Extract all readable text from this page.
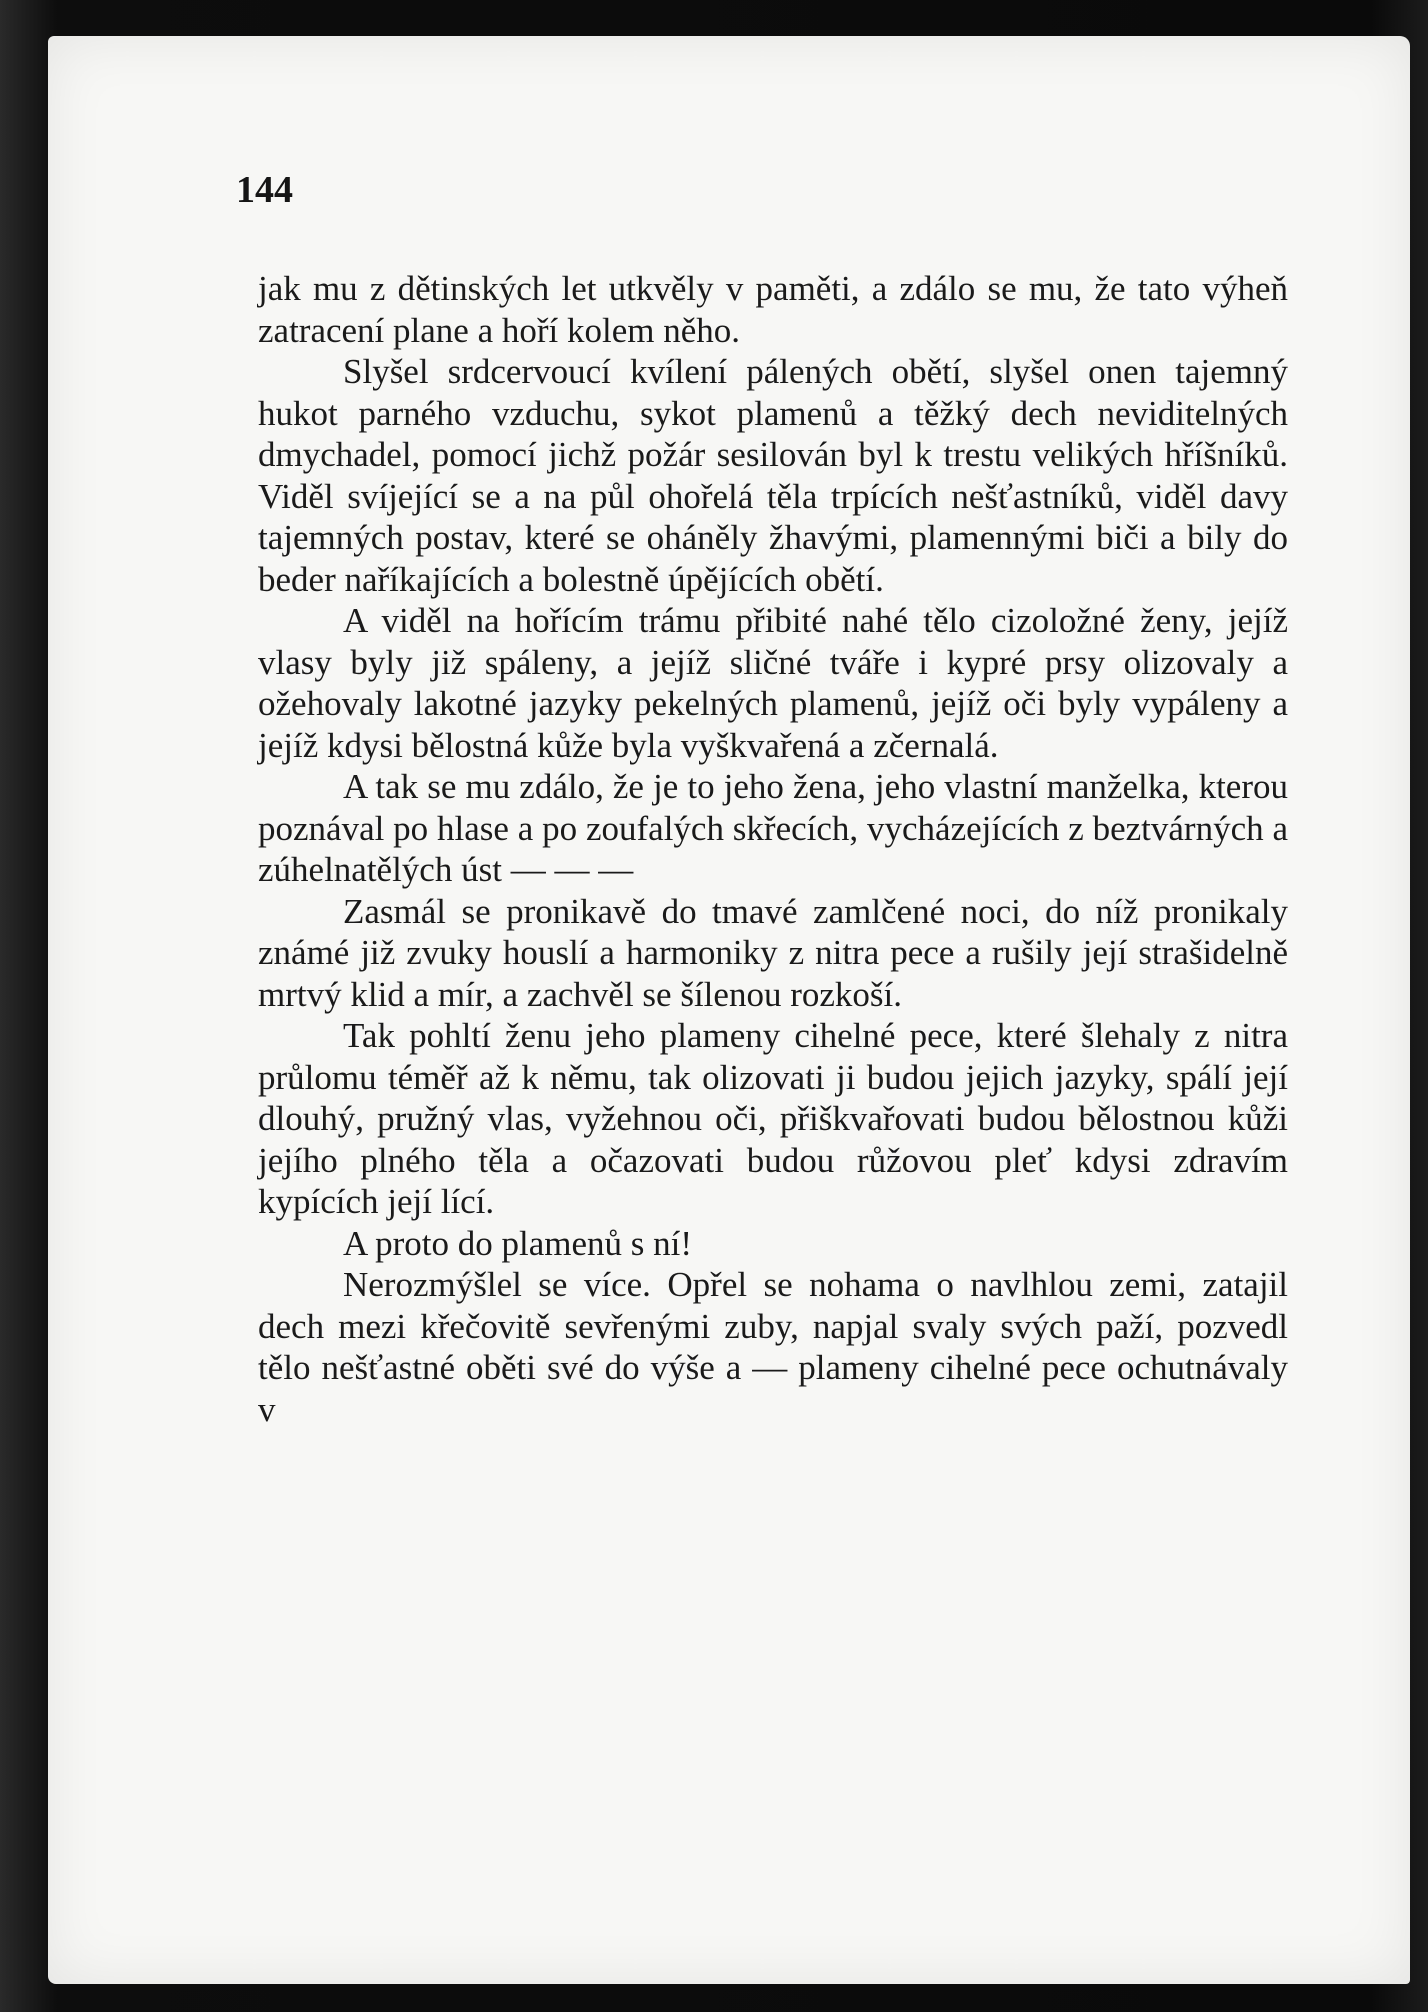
144

jak mu z dětinských let utkvěly v paměti, a zdálo se mu, že tato výheň zatracení plane a hoří kolem něho.

Slyšel srdcervoucí kvílení pálených obětí, slyšel onen tajemný hukot parného vzduchu, sykot plamenů a těžký dech neviditelných dmychadel, pomocí jichž požár sesilován byl k trestu velikých hříšníků. Viděl svíjející se a na půl ohořelá těla trpících nešťastníků, viděl davy tajemných postav, které se oháněly žhavými, plamennými biči a bily do beder naříkajících a bolestně úpějících obětí.

A viděl na hořícím trámu přibité nahé tělo cizoložné ženy, jejíž vlasy byly již spáleny, a jejíž sličné tváře i kypré prsy olizovaly a ožehovaly lakotné jazyky pekelných plamenů, jejíž oči byly vypáleny a jejíž kdysi bělostná kůže byla vyškvařená a zčernalá.

A tak se mu zdálo, že je to jeho žena, jeho vlastní manželka, kterou poznával po hlase a po zoufalých skřecích, vycházejících z beztvárných a zúhelnatělých úst — — —

Zasmál se pronikavě do tmavé zamlčené noci, do níž pronikaly známé již zvuky houslí a harmoniky z nitra pece a rušily její strašidelně mrtvý klid a mír, a zachvěl se šílenou rozkoší.

Tak pohltí ženu jeho plameny cihelné pece, které šlehaly z nitra průlomu téměř až k němu, tak olizovati ji budou jejich jazyky, spálí její dlouhý, pružný vlas, vyžehnou oči, přiškvařovati budou bělostnou kůži jejího plného těla a očazovati budou růžovou pleť kdysi zdravím kypících její lící.

A proto do plamenů s ní!

Nerozmýšlel se více. Opřel se nohama o navlhlou zemi, zatajil dech mezi křečovitě sevřenými zuby, napjal svaly svých paží, pozvedl tělo nešťastné oběti své do výše a — plameny cihelné pece ochutnávaly v
